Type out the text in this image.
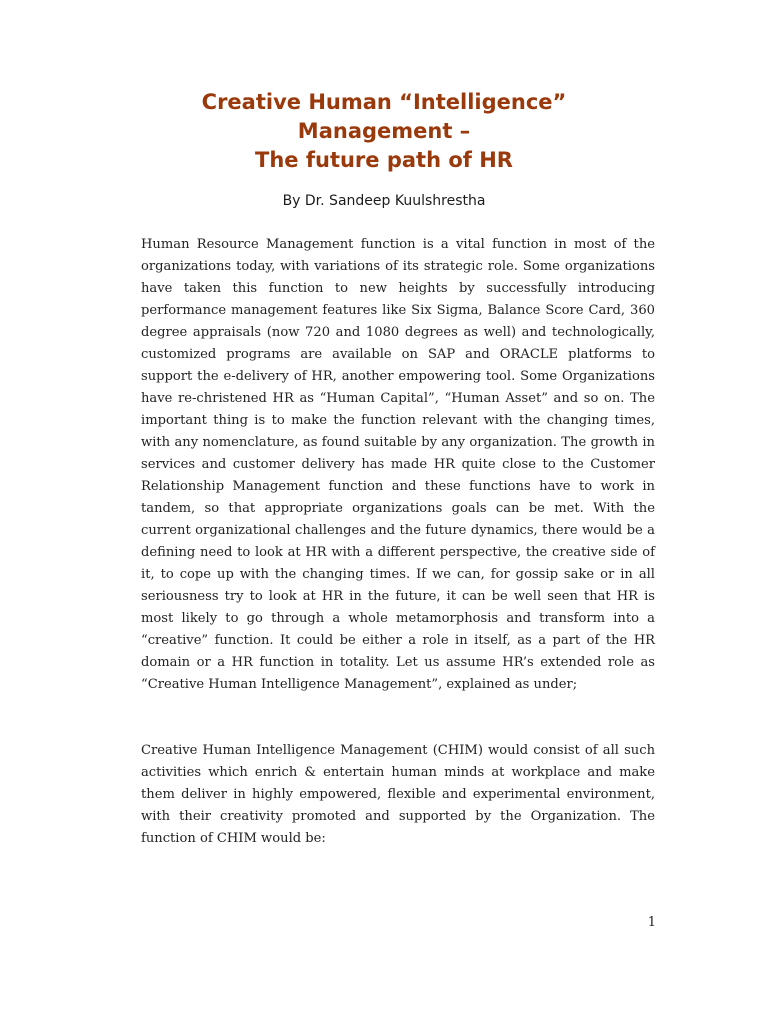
Creative Human “Intelligence”
Management –
The future path of HR

By Dr. Sandeep Kuulshrestha

Human Resource Management function is a vital function in most of the organizations today, with variations of its strategic role. Some organizations have taken this function to new heights by successfully introducing performance management features like Six Sigma, Balance Score Card, 360 degree appraisals (now 720 and 1080 degrees as well) and technologically, customized programs are available on SAP and ORACLE platforms to support the e-delivery of HR, another empowering tool. Some Organizations have re-christened HR as “Human Capital”, “Human Asset” and so on. The important thing is to make the function relevant with the changing times, with any nomenclature, as found suitable by any organization. The growth in services and customer delivery has made HR quite close to the Customer Relationship Management function and these functions have to work in tandem, so that appropriate organizations goals can be met. With the current organizational challenges and the future dynamics, there would be a defining need to look at HR with a different perspective, the creative side of it, to cope up with the changing times. If we can, for gossip sake or in all seriousness try to look at HR in the future, it can be well seen that HR is most likely to go through a whole metamorphosis and transform into a “creative” function. It could be either a role in itself, as a part of the HR domain or a HR function in totality. Let us assume HR’s extended role as “Creative Human Intelligence Management”, explained as under;

Creative Human Intelligence Management (CHIM) would consist of all such activities which enrich & entertain human minds at workplace and make them deliver in highly empowered, flexible and experimental environment, with their creativity promoted and supported by the Organization. The function of CHIM would be:

1
